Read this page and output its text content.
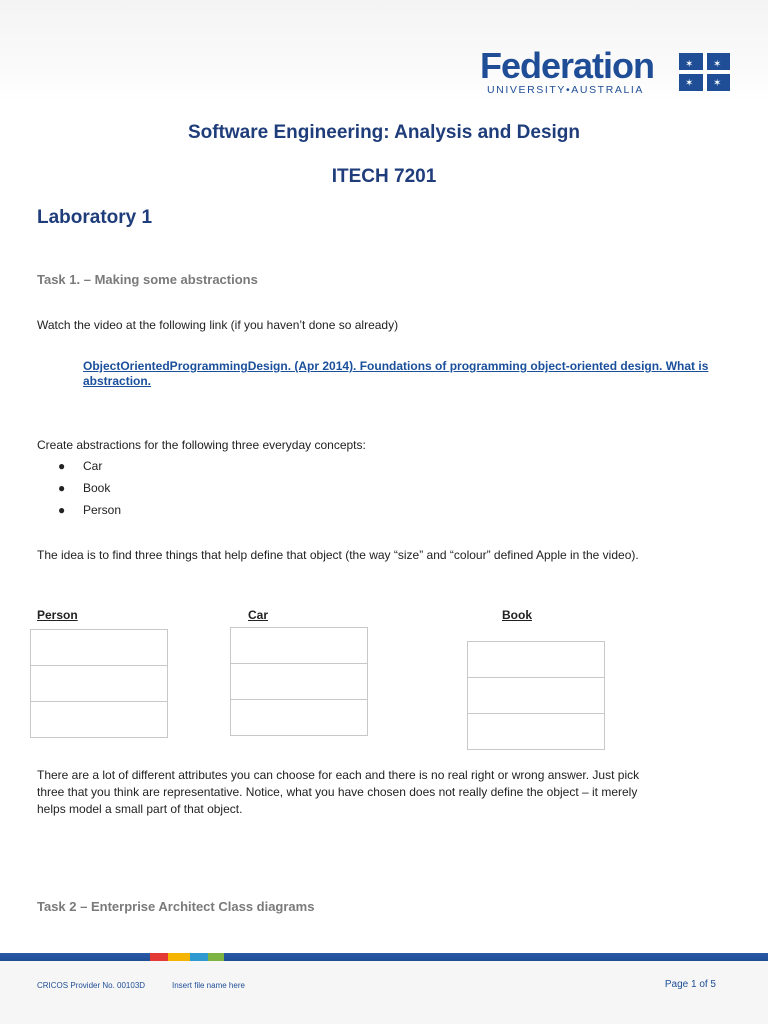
Federation
UNIVERSITY•AUSTRALIA
✶ ✶
✶ ✶
Software Engineering: Analysis and Design
ITECH 7201
Laboratory 1
Task 1. – Making some abstractions
Watch the video at the following link (if you haven’t done so already)
ObjectOrientedProgrammingDesign. (Apr 2014). Foundations of programming object-oriented design. What is abstraction.
Create abstractions for the following three everyday concepts:
● Car
● Book
● Person
The idea is to find three things that help define that object (the way “size” and “colour” defined Apple in the video).
Person	Car	Book
There are a lot of different attributes you can choose for each and there is no real right or wrong answer. Just pick three that you think are representative. Notice, what you have chosen does not really define the object – it merely helps model a small part of that object.
Task 2 – Enterprise Architect Class diagrams
CRICOS Provider No. 00103D	Insert file name here	Page 1 of 5
